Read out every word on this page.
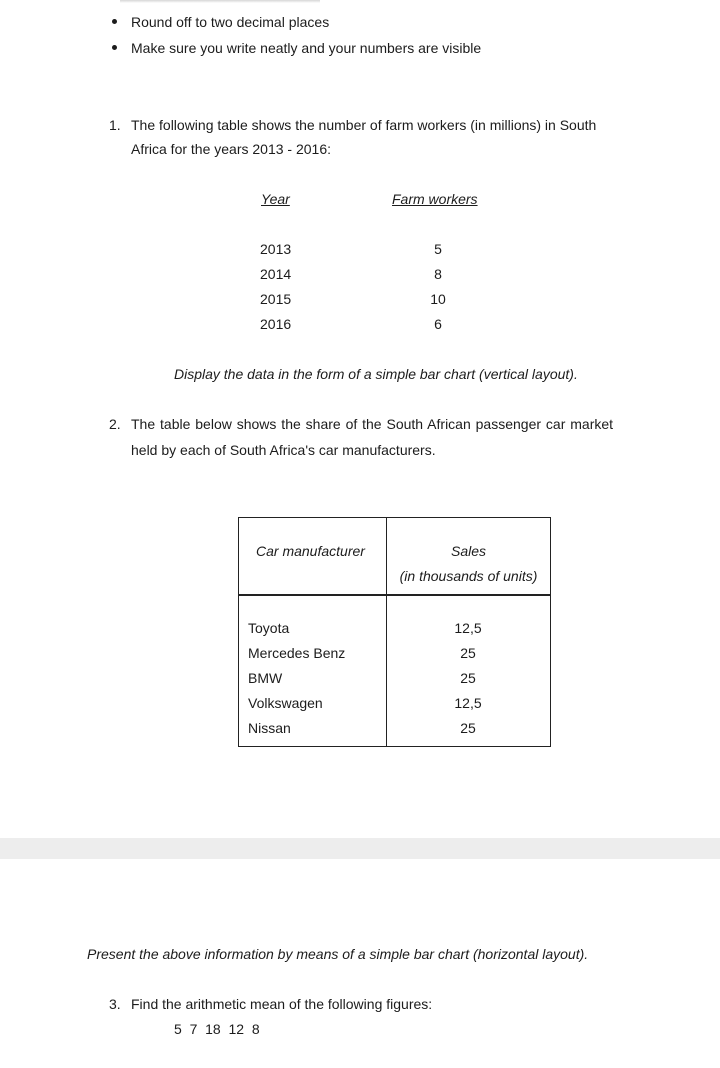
Round off to two decimal places
Make sure you write neatly and your numbers are visible
1. The following table shows the number of farm workers (in millions) in South
Africa for the years 2013 - 2016:
Year	Farm workers
2013	5
2014	8
2015	10
2016	6
Display the data in the form of a simple bar chart (vertical layout).
2. The table below shows the share of the South African passenger car market
held by each of South Africa's car manufacturers.
Car manufacturer	Sales
(in thousands of units)
Toyota	12,5
Mercedes Benz	25
BMW	25
Volkswagen	12,5
Nissan	25
Present the above information by means of a simple bar chart (horizontal layout).
3. Find the arithmetic mean of the following figures:
5  7  18  12  8
